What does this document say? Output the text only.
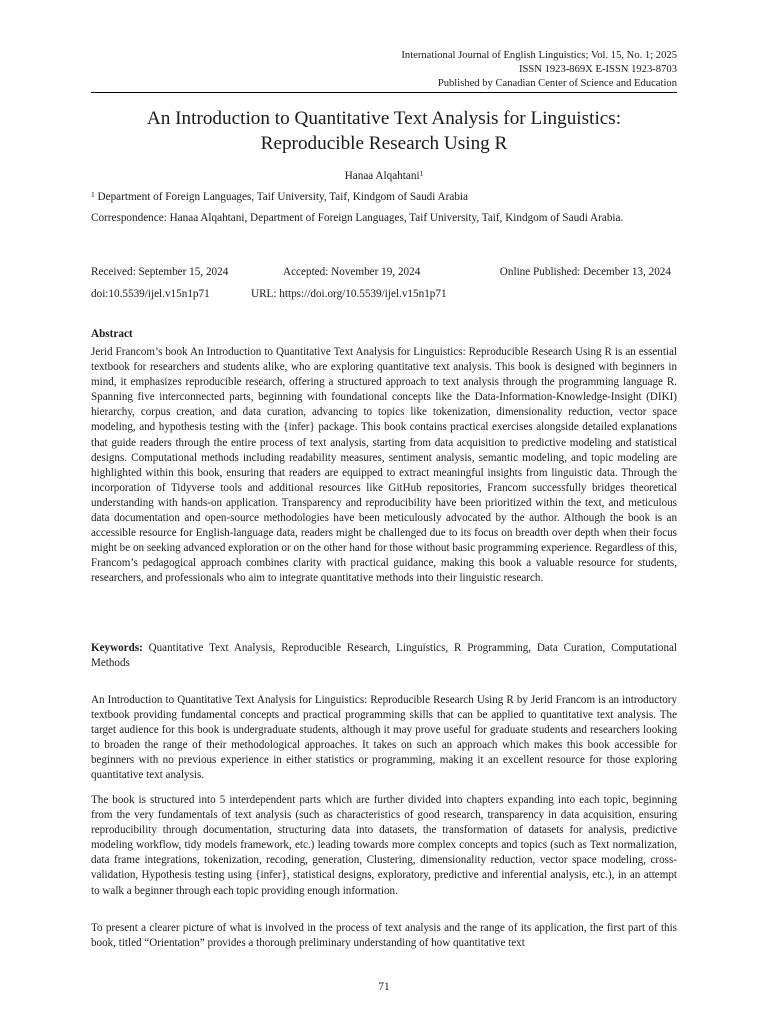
International Journal of English Linguistics; Vol. 15, No. 1; 2025
ISSN 1923-869X E-ISSN 1923-8703
Published by Canadian Center of Science and Education
An Introduction to Quantitative Text Analysis for Linguistics:
Reproducible Research Using R
Hanaa Alqahtani$^1$
$^1$ Department of Foreign Languages, Taif University, Taif, Kindgom of Saudi Arabia
Correspondence: Hanaa Alqahtani, Department of Foreign Languages, Taif University, Taif, Kindgom of Saudi Arabia.
Received: September 15, 2024	Accepted: November 19, 2024	Online Published: December 13, 2024
doi:10.5539/ijel.v15n1p71	URL: https://doi.org/10.5539/ijel.v15n1p71
Abstract

Jerid Francom’s book An Introduction to Quantitative Text Analysis for Linguistics: Reproducible Research Using R is an essential textbook for researchers and students alike, who are exploring quantitative text analysis. This book is designed with beginners in mind, it emphasizes reproducible research, offering a structured approach to text analysis through the programming language R. Spanning five interconnected parts, beginning with foundational concepts like the Data-Information-Knowledge-Insight (DIKI) hierarchy, corpus creation, and data curation, advancing to topics like tokenization, dimensionality reduction, vector space modeling, and hypothesis testing with the {infer} package. This book contains practical exercises alongside detailed explanations that guide readers through the entire process of text analysis, starting from data acquisition to predictive modeling and statistical designs. Computational methods including readability measures, sentiment analysis, semantic modeling, and topic modeling are highlighted within this book, ensuring that readers are equipped to extract meaningful insights from linguistic data. Through the incorporation of Tidyverse tools and additional resources like GitHub repositories, Francom successfully bridges theoretical understanding with hands-on application. Transparency and reproducibility have been prioritized within the text, and meticulous data documentation and open-source methodologies have been meticulously advocated by the author. Although the book is an accessible resource for English-language data, readers might be challenged due to its focus on breadth over depth when their focus might be on seeking advanced exploration or on the other hand for those without basic programming experience. Regardless of this, Francom’s pedagogical approach combines clarity with practical guidance, making this book a valuable resource for students, researchers, and professionals who aim to integrate quantitative methods into their linguistic research.

Keywords: Quantitative Text Analysis, Reproducible Research, Linguistics, R Programming, Data Curation, Computational Methods

An Introduction to Quantitative Text Analysis for Linguistics: Reproducible Research Using R by Jerid Francom is an introductory textbook providing fundamental concepts and practical programming skills that can be applied to quantitative text analysis. The target audience for this book is undergraduate students, although it may prove useful for graduate students and researchers looking to broaden the range of their methodological approaches. It takes on such an approach which makes this book accessible for beginners with no previous experience in either statistics or programming, making it an excellent resource for those exploring quantitative text analysis.

The book is structured into 5 interdependent parts which are further divided into chapters expanding into each topic, beginning from the very fundamentals of text analysis (such as characteristics of good research, transparency in data acquisition, ensuring reproducibility through documentation, structuring data into datasets, the transformation of datasets for analysis, predictive modeling workflow, tidy models framework, etc.) leading towards more complex concepts and topics (such as Text normalization, data frame integrations, tokenization, recoding, generation, Clustering, dimensionality reduction, vector space modeling, cross-validation, Hypothesis testing using {infer}, statistical designs, exploratory, predictive and inferential analysis, etc.), in an attempt to walk a beginner through each topic providing enough information.

To present a clearer picture of what is involved in the process of text analysis and the range of its application, the first part of this book, titled “Orientation” provides a thorough preliminary understanding of how quantitative text

71
